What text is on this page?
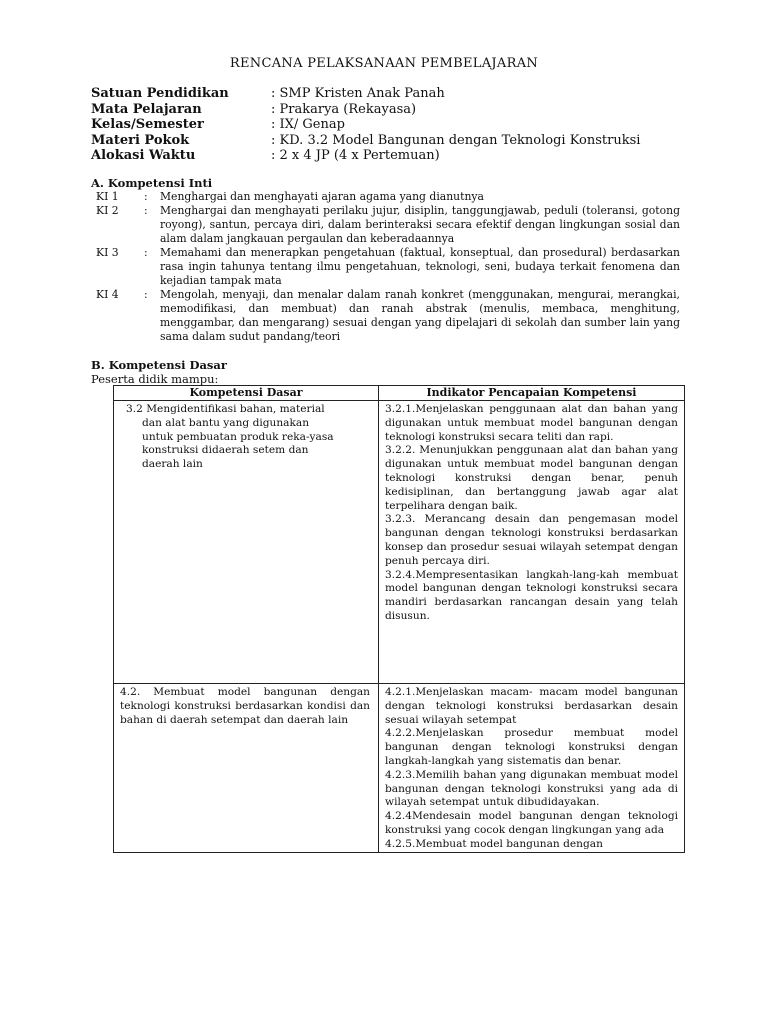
RENCANA PELAKSANAAN PEMBELAJARAN
Satuan Pendidikan	: SMP Kristen Anak Panah
Mata Pelajaran	: Prakarya (Rekayasa)
Kelas/Semester	: IX/ Genap
Materi Pokok	: KD. 3.2 Model Bangunan dengan Teknologi Konstruksi
Alokasi Waktu	: 2 x 4 JP (4 x Pertemuan)
A. Kompetensi Inti
KI 1 : Menghargai dan menghayati ajaran agama yang dianutnya
KI 2 : Menghargai dan menghayati perilaku jujur, disiplin, tanggungjawab, peduli (toleransi, gotong royong), santun, percaya diri, dalam berinteraksi secara efektif dengan lingkungan sosial dan alam dalam jangkauan pergaulan dan keberadaannya
KI 3 : Memahami dan menerapkan pengetahuan (faktual, konseptual, dan prosedural) berdasarkan rasa ingin tahunya tentang ilmu pengetahuan, teknologi, seni, budaya terkait fenomena dan kejadian tampak mata
KI 4 : Mengolah, menyaji, dan menalar dalam ranah konkret (menggunakan, mengurai, merangkai, memodifikasi, dan membuat) dan ranah abstrak (menulis, membaca, menghitung, menggambar, dan mengarang) sesuai dengan yang dipelajari di sekolah dan sumber lain yang sama dalam sudut pandang/teori
B. Kompetensi Dasar
Peserta didik mampu:
Kompetensi Dasar	Indikator Pencapaian Kompetensi

3.2 Mengidentifikasi bahan, material dan alat bantu yang digunakan untuk pembuatan produk reka-yasa konstruksi didaerah setem dan daerah lain	3.2.1.Menjelaskan penggunaan alat dan bahan yang digunakan untuk membuat model bangunan dengan teknologi konstruksi secara teliti dan rapi.
3.2.2. Menunjukkan penggunaan alat dan bahan yang digunakan untuk membuat model bangunan dengan teknologi konstruksi dengan benar, penuh kedisiplinan, dan bertanggung jawab agar alat terpelihara dengan baik.
3.2.3. Merancang desain dan pengemasan model bangunan dengan teknologi konstruksi berdasarkan konsep dan prosedur sesuai wilayah setempat dengan penuh percaya diri.
3.2.4.Mempresentasikan langkah-lang-kah membuat model bangunan dengan teknologi konstruksi secara mandiri berdasarkan rancangan desain yang telah disusun.

4.2. Membuat model bangunan dengan teknologi konstruksi berdasarkan kondisi dan bahan di daerah setempat dan daerah lain	4.2.1.Menjelaskan macam- macam model bangunan dengan teknologi konstruksi berdasarkan desain sesuai wilayah setempat
4.2.2.Menjelaskan prosedur membuat model bangunan dengan teknologi konstruksi dengan langkah-langkah yang sistematis dan benar.
4.2.3.Memilih bahan yang digunakan membuat model bangunan dengan teknologi konstruksi yang ada di wilayah setempat untuk dibudidayakan.
4.2.4Mendesain model bangunan dengan teknologi konstruksi yang cocok dengan lingkungan yang ada
4.2.5.Membuat model bangunan dengan
